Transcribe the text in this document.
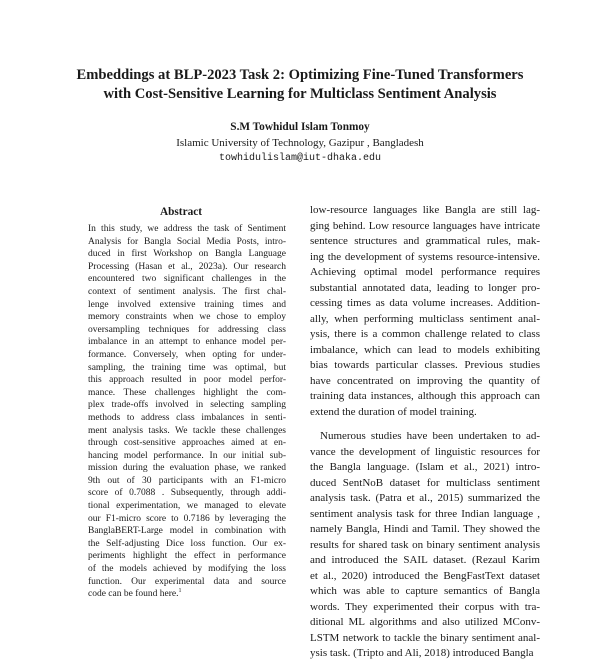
Embeddings at BLP-2023 Task 2: Optimizing Fine-Tuned Transformers
with Cost-Sensitive Learning for Multiclass Sentiment Analysis
S.M Towhidul Islam Tonmoy
Islamic University of Technology, Gazipur , Bangladesh
towhidulislam@iut-dhaka.edu
Abstract
In this study, we address the task of Sentiment
Analysis for Bangla Social Media Posts, intro-
duced in first Workshop on Bangla Language
Processing (Hasan et al., 2023a). Our research
encountered two significant challenges in the
context of sentiment analysis. The first chal-
lenge involved extensive training times and
memory constraints when we chose to employ
oversampling techniques for addressing class
imbalance in an attempt to enhance model per-
formance. Conversely, when opting for under-
sampling, the training time was optimal, but
this approach resulted in poor model perfor-
mance. These challenges highlight the com-
plex trade-offs involved in selecting sampling
methods to address class imbalances in senti-
ment analysis tasks. We tackle these challenges
through cost-sensitive approaches aimed at en-
hancing model performance. In our initial sub-
mission during the evaluation phase, we ranked
9th out of 30 participants with an F1-micro
score of 0.7088 . Subsequently, through addi-
tional experimentation, we managed to elevate
our F1-micro score to 0.7186 by leveraging the
BanglaBERT-Large model in combination with
the Self-adjusting Dice loss function. Our ex-
periments highlight the effect in performance
of the models achieved by modifying the loss
function. Our experimental data and source
code can be found here.$^1$
low-resource languages like Bangla are still lag-
ging behind. Low resource languages have intricate
sentence structures and grammatical rules, mak-
ing the development of systems resource-intensive.
Achieving optimal model performance requires
substantial annotated data, leading to longer pro-
cessing times as data volume increases. Addition-
ally, when performing multiclass sentiment anal-
ysis, there is a common challenge related to class
imbalance, which can lead to models exhibiting
bias towards particular classes. Previous studies
have concentrated on improving the quantity of
training data instances, although this approach can
extend the duration of model training.
Numerous studies have been undertaken to ad-
vance the development of linguistic resources for
the Bangla language. (Islam et al., 2021) intro-
duced SentNoB dataset for multiclass sentiment
analysis task. (Patra et al., 2015) summarized the
sentiment analysis task for three Indian language ,
namely Bangla, Hindi and Tamil. They showed the
results for shared task on binary sentiment analysis
and introduced the SAIL dataset. (Rezaul Karim
et al., 2020) introduced the BengFastText dataset
which was able to capture semantics of Bangla
words. They experimented their corpus with tra-
ditional ML algorithms and also utilized MConv-
LSTM network to tackle the binary sentiment anal-
ysis task. (Tripto and Ali, 2018) introduced Bangla
